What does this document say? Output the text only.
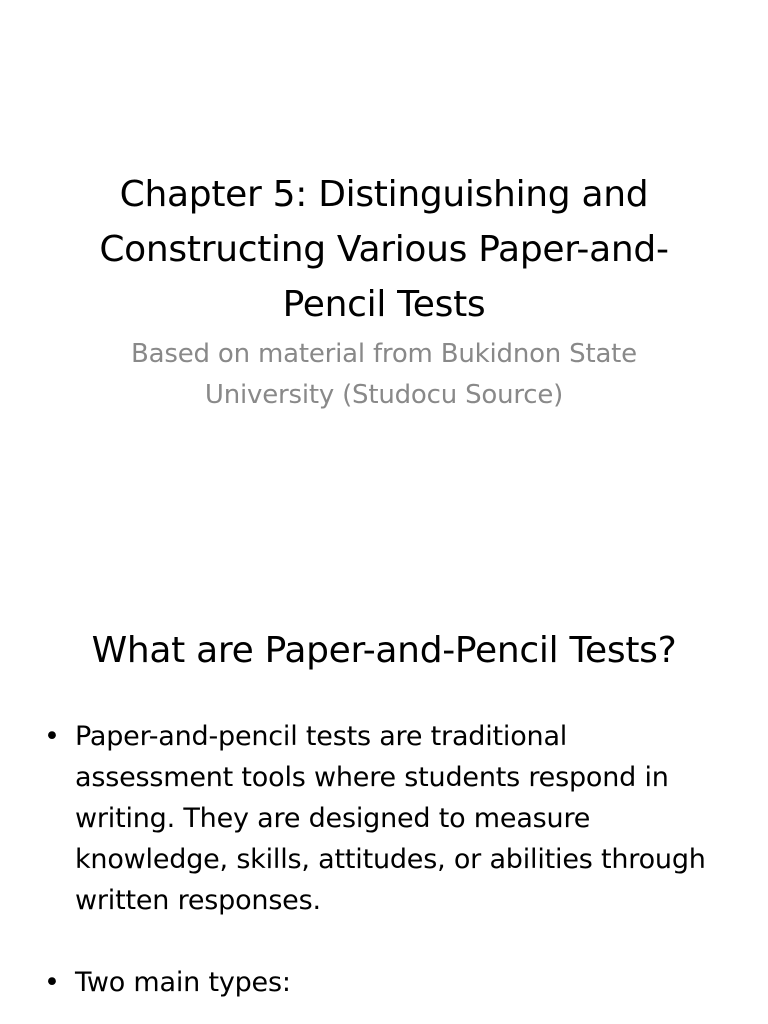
Chapter 5: Distinguishing and Constructing Various Paper-and-Pencil Tests
Based on material from Bukidnon State University (Studocu Source)
What are Paper-and-Pencil Tests?
• Paper-and-pencil tests are traditional assessment tools where students respond in writing. They are designed to measure knowledge, skills, attitudes, or abilities through written responses.
• Two main types:
